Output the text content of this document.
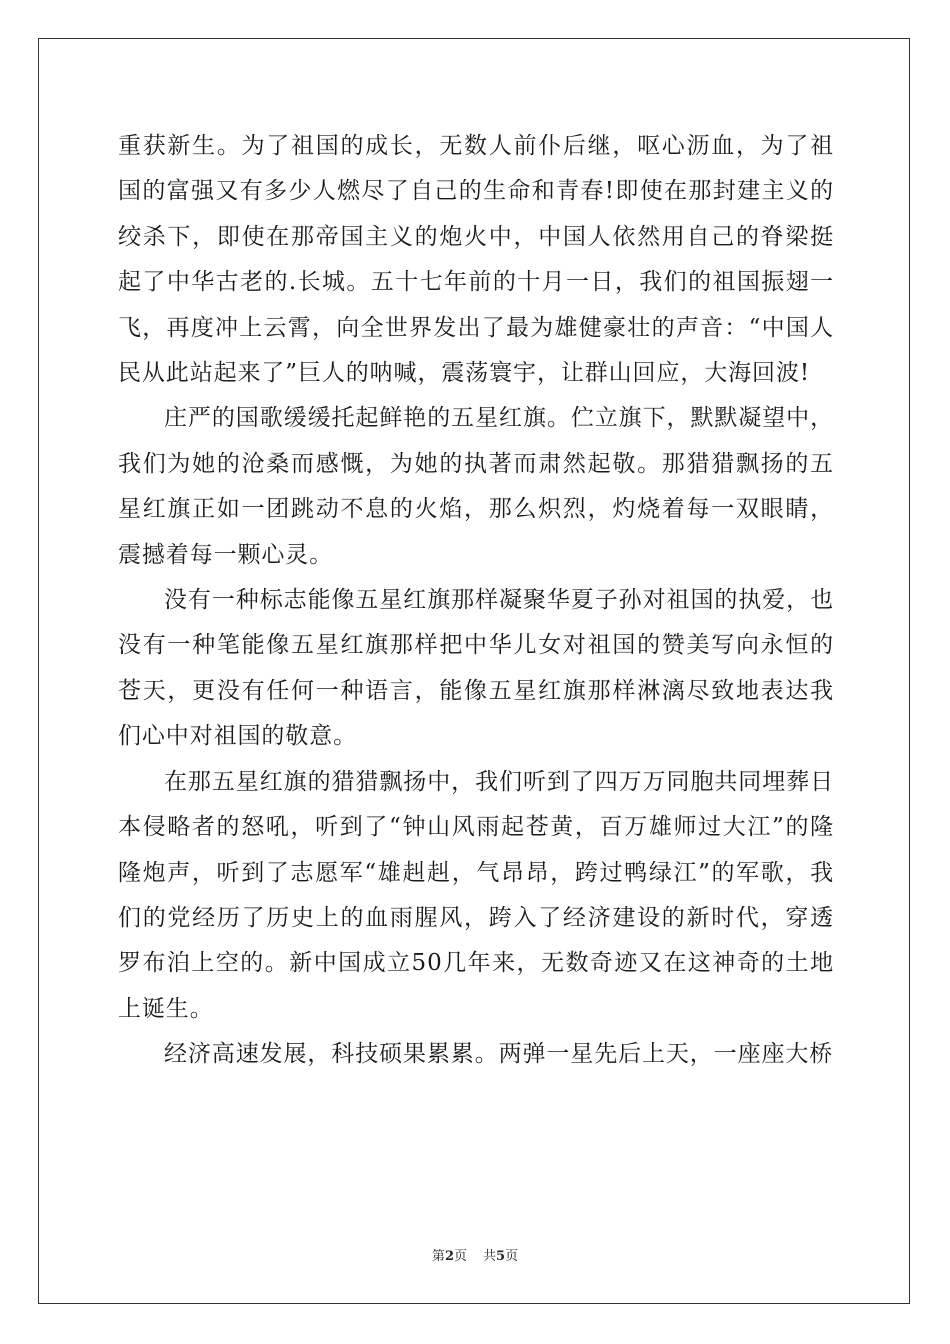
重获新生。为了祖国的成长，无数人前仆后继，呕心沥血，为了祖国的富强又有多少人燃尽了自己的生命和青春!即使在那封建主义的绞杀下，即使在那帝国主义的炮火中，中国人依然用自己的脊梁挺起了中华古老的.长城。五十七年前的十月一日，我们的祖国振翅一飞，再度冲上云霄，向全世界发出了最为雄健豪壮的声音：“中国人民从此站起来了”巨人的呐喊，震荡寰宇，让群山回应，大海回波!

庄严的国歌缓缓托起鲜艳的五星红旗。伫立旗下，默默凝望中，我们为她的沧桑而感慨，为她的执著而肃然起敬。那猎猎飘扬的五星红旗正如一团跳动不息的火焰，那么炽烈，灼烧着每一双眼睛，震撼着每一颗心灵。

没有一种标志能像五星红旗那样凝聚华夏子孙对祖国的执爱，也没有一种笔能像五星红旗那样把中华儿女对祖国的赞美写向永恒的苍天，更没有任何一种语言，能像五星红旗那样淋漓尽致地表达我们心中对祖国的敬意。

在那五星红旗的猎猎飘扬中，我们听到了四万万同胞共同埋葬日本侵略者的怒吼，听到了“钟山风雨起苍黄，百万雄师过大江”的隆隆炮声，听到了志愿军“雄赳赳，气昂昂，跨过鸭绿江”的军歌，我们的党经历了历史上的血雨腥风，跨入了经济建设的新时代，穿透罗布泊上空的。新中国成立50几年来，无数奇迹又在这神奇的土地上诞生。

经济高速发展，科技硕果累累。两弹一星先后上天，一座座大桥

第2页 共5页
